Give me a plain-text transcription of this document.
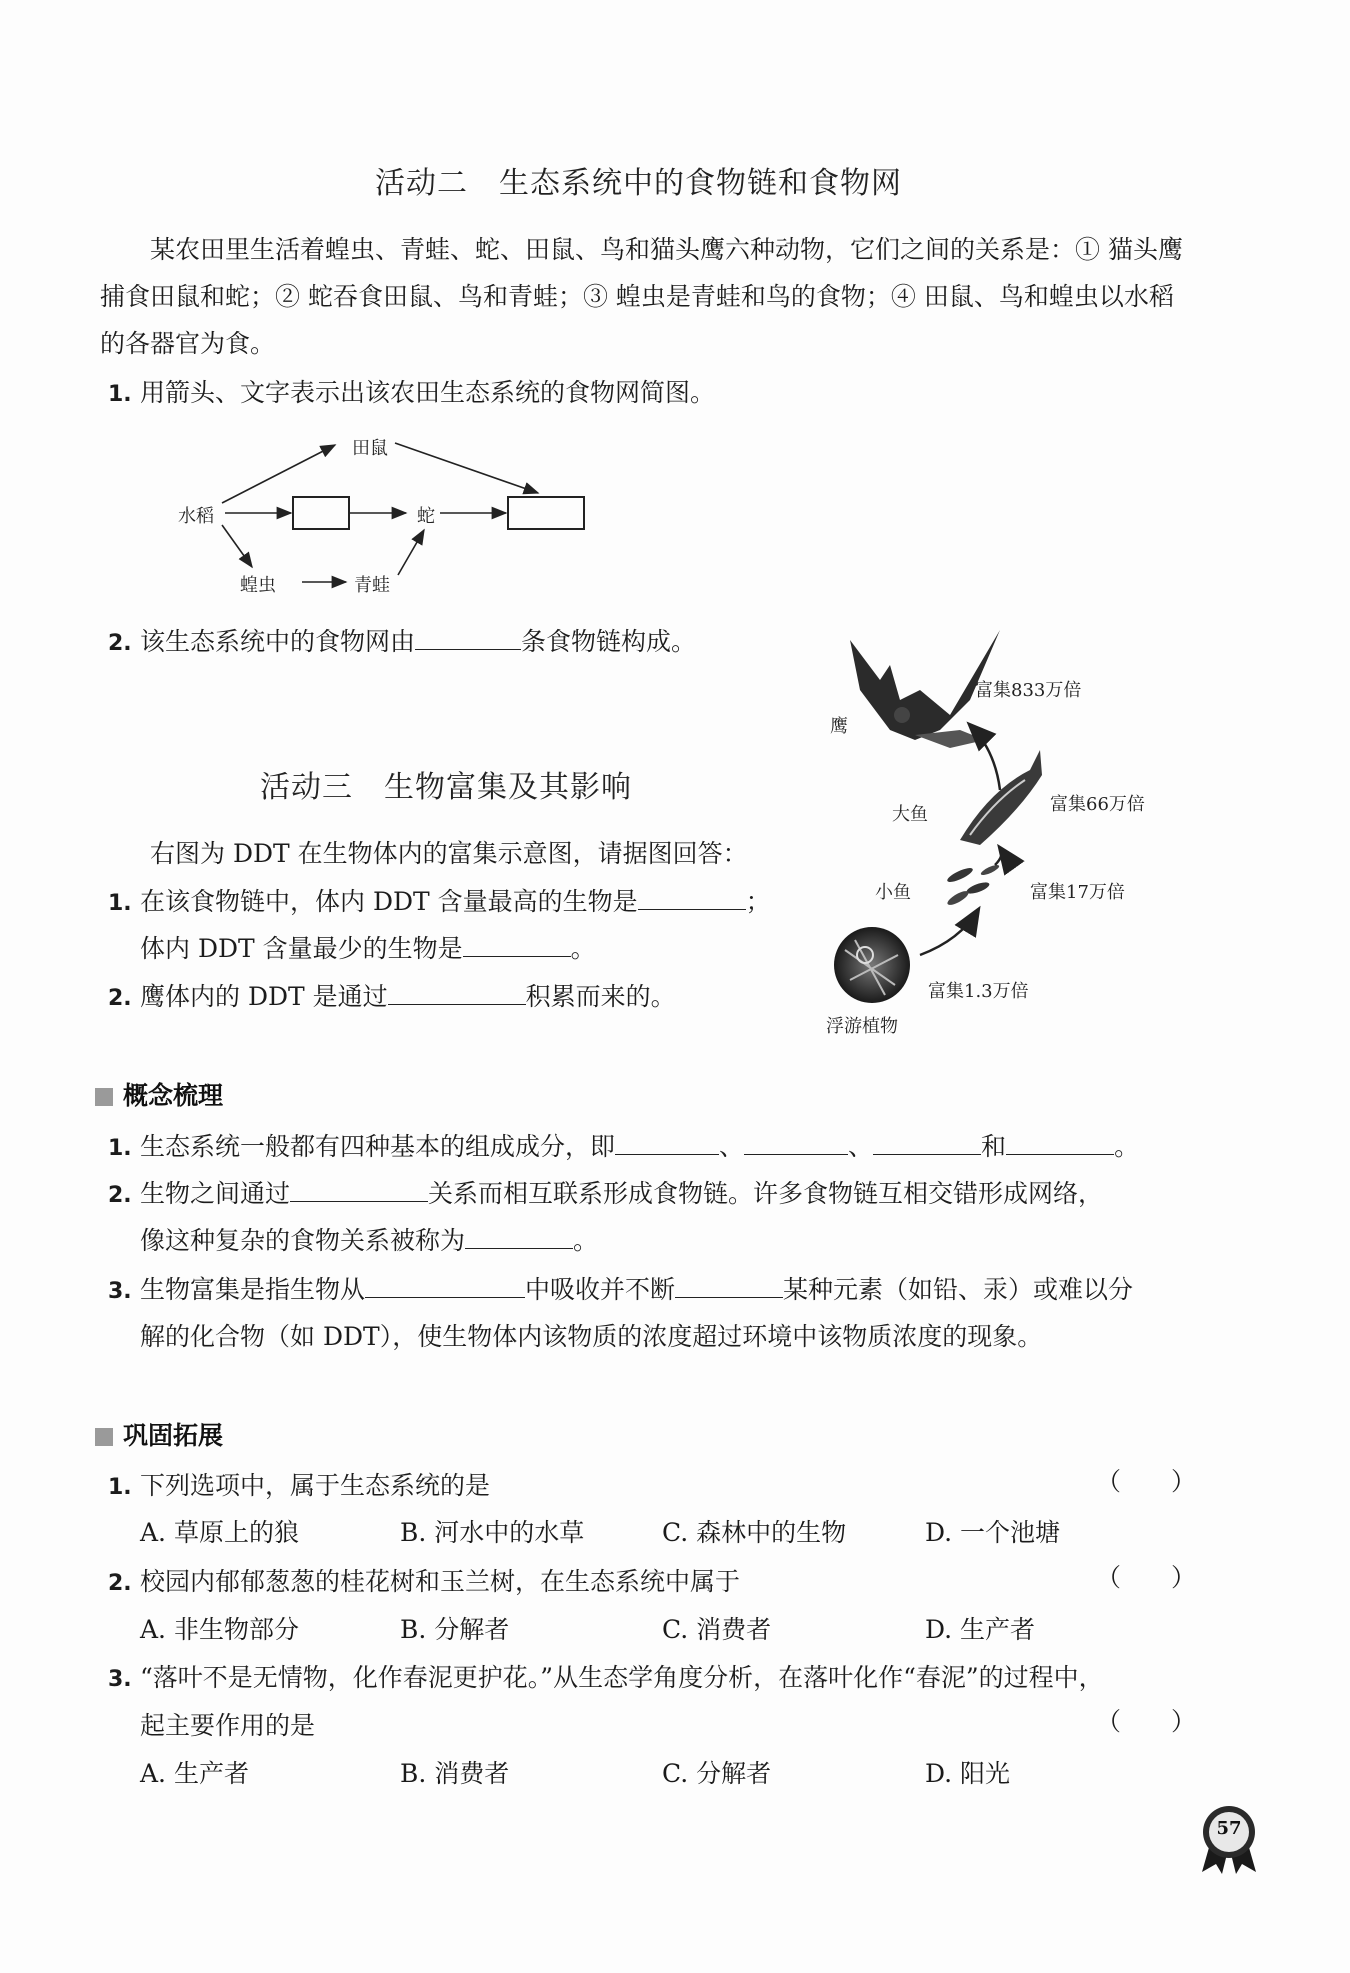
活动二　生态系统中的食物链和食物网
某农田里生活着蝗虫、青蛙、蛇、田鼠、鸟和猫头鹰六种动物，它们之间的关系是：① 猫头鹰捕食田鼠和蛇；② 蛇吞食田鼠、鸟和青蛙；③ 蝗虫是青蛙和鸟的食物；④ 田鼠、鸟和蝗虫以水稻的各器官为食。
1. 用箭头、文字表示出该农田生态系统的食物网简图。
水稻
田鼠
蛇
蝗虫	青蛙
2. 该生态系统中的食物网由	条食物链构成。
活动三　生物富集及其影响
右图为 DDT 在生物体内的富集示意图，请据图回答：
1. 在该食物链中，体内 DDT 含量最高的生物是	；
体内 DDT 含量最少的生物是	。
2. 鹰体内的 DDT 是通过	积累而来的。
鹰
大鱼
小鱼
浮游植物
富集833万倍
富集66万倍
富集17万倍
富集1.3万倍
概念梳理
1. 生态系统一般都有四种基本的组成成分，即	、	、	和	。
2. 生物之间通过	关系而相互联系形成食物链。许多食物链互相交错形成网络，
像这种复杂的食物关系被称为	。
3. 生物富集是指生物从	中吸收并不断	某种元素（如铅、汞）或难以分
解的化合物（如 DDT），使生物体内该物质的浓度超过环境中该物质浓度的现象。
巩固拓展
1. 下列选项中，属于生态系统的是	（　　）
A. 草原上的狼	B. 河水中的水草	C. 森林中的生物	D. 一个池塘
2. 校园内郁郁葱葱的桂花树和玉兰树，在生态系统中属于	（　　）
A. 非生物部分	B. 分解者	C. 消费者	D. 生产者
3. “落叶不是无情物，化作春泥更护花。”从生态学角度分析，在落叶化作“春泥”的过程中，
起主要作用的是	（　　）
A. 生产者	B. 消费者	C. 分解者	D. 阳光
57
